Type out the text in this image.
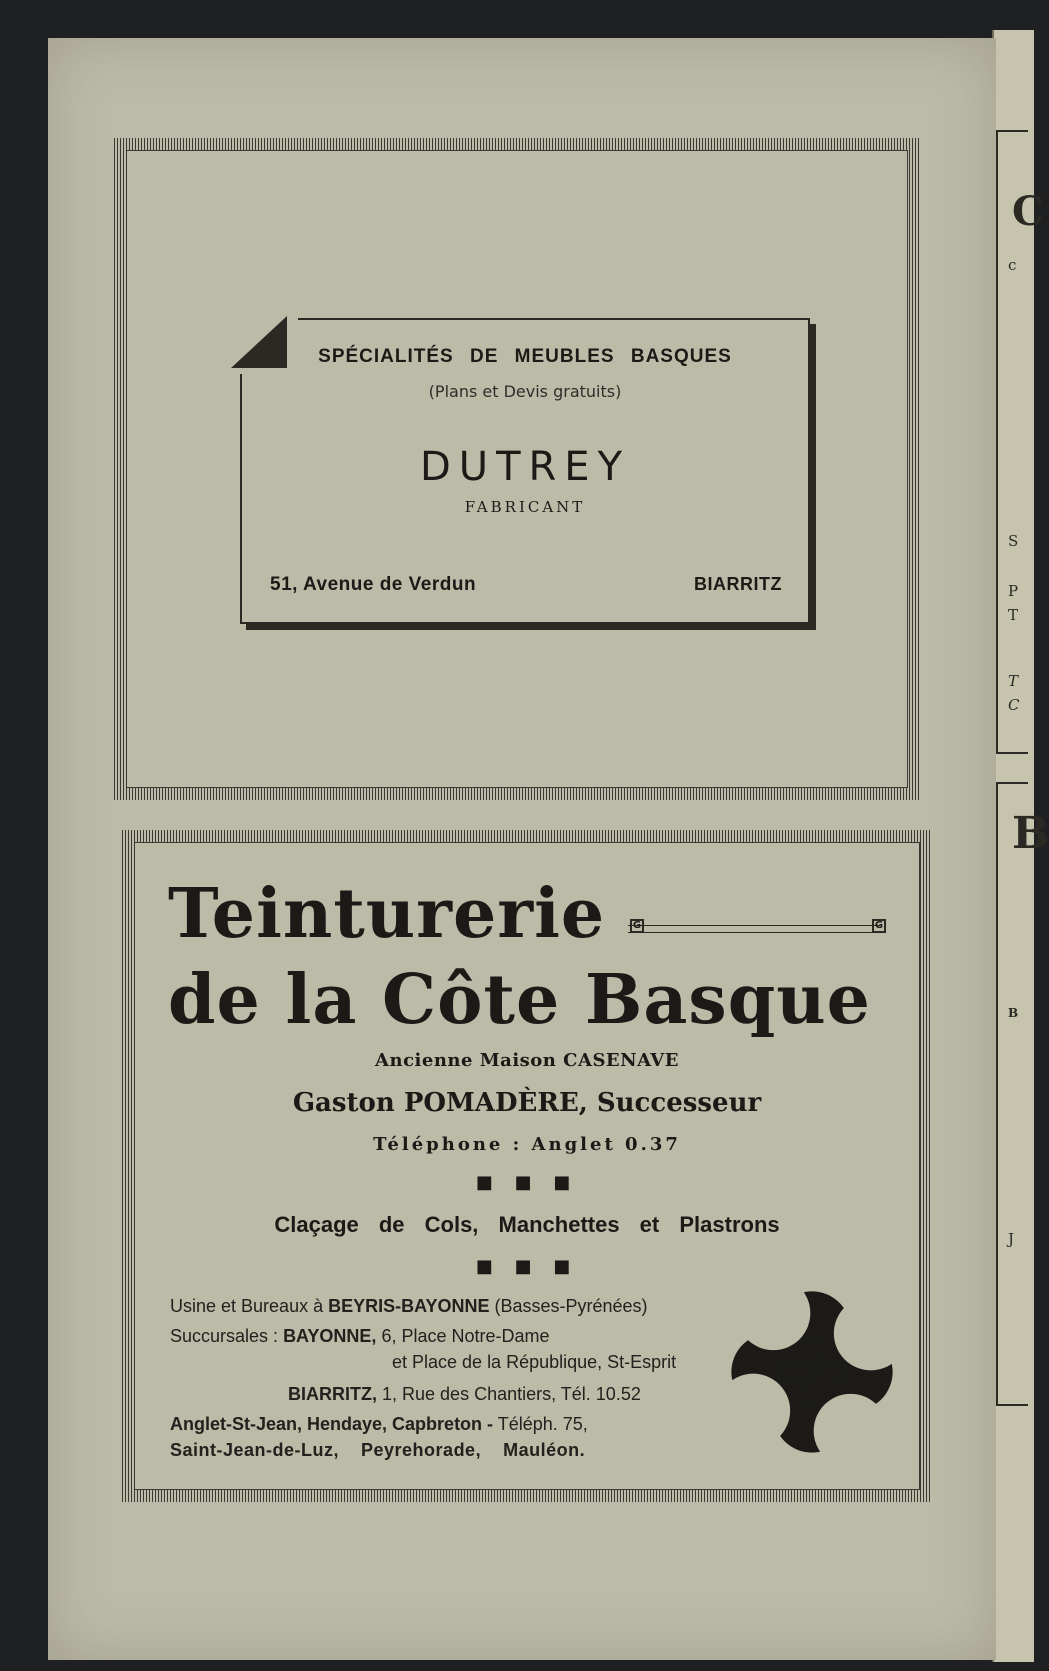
C
c
S
P
T
T
C
B
B
J
SPÉCIALITÉS DE MEUBLES BASQUES
(Plans et Devis gratuits)
DUTREY
FABRICANT
51, Avenue de Verdun	BIARRITZ
Teinturerie	G	G
de la Côte Basque
Ancienne Maison CASENAVE
Gaston POMADÈRE, Successeur
Téléphone : Anglet 0.37
■ ■ ■
Claçage de Cols, Manchettes et Plastrons
■ ■ ■
Usine et Bureaux à BEYRIS-BAYONNE (Basses-Pyrénées)
Succursales : BAYONNE, 6, Place Notre-Dame
et Place de la République, St-Esprit
BIARRITZ, 1, Rue des Chantiers, Tél. 10.52
Anglet-St-Jean, Hendaye, Capbreton - Téléph. 75,
Saint-Jean-de-Luz,    Peyrehorade,    Mauléon.
